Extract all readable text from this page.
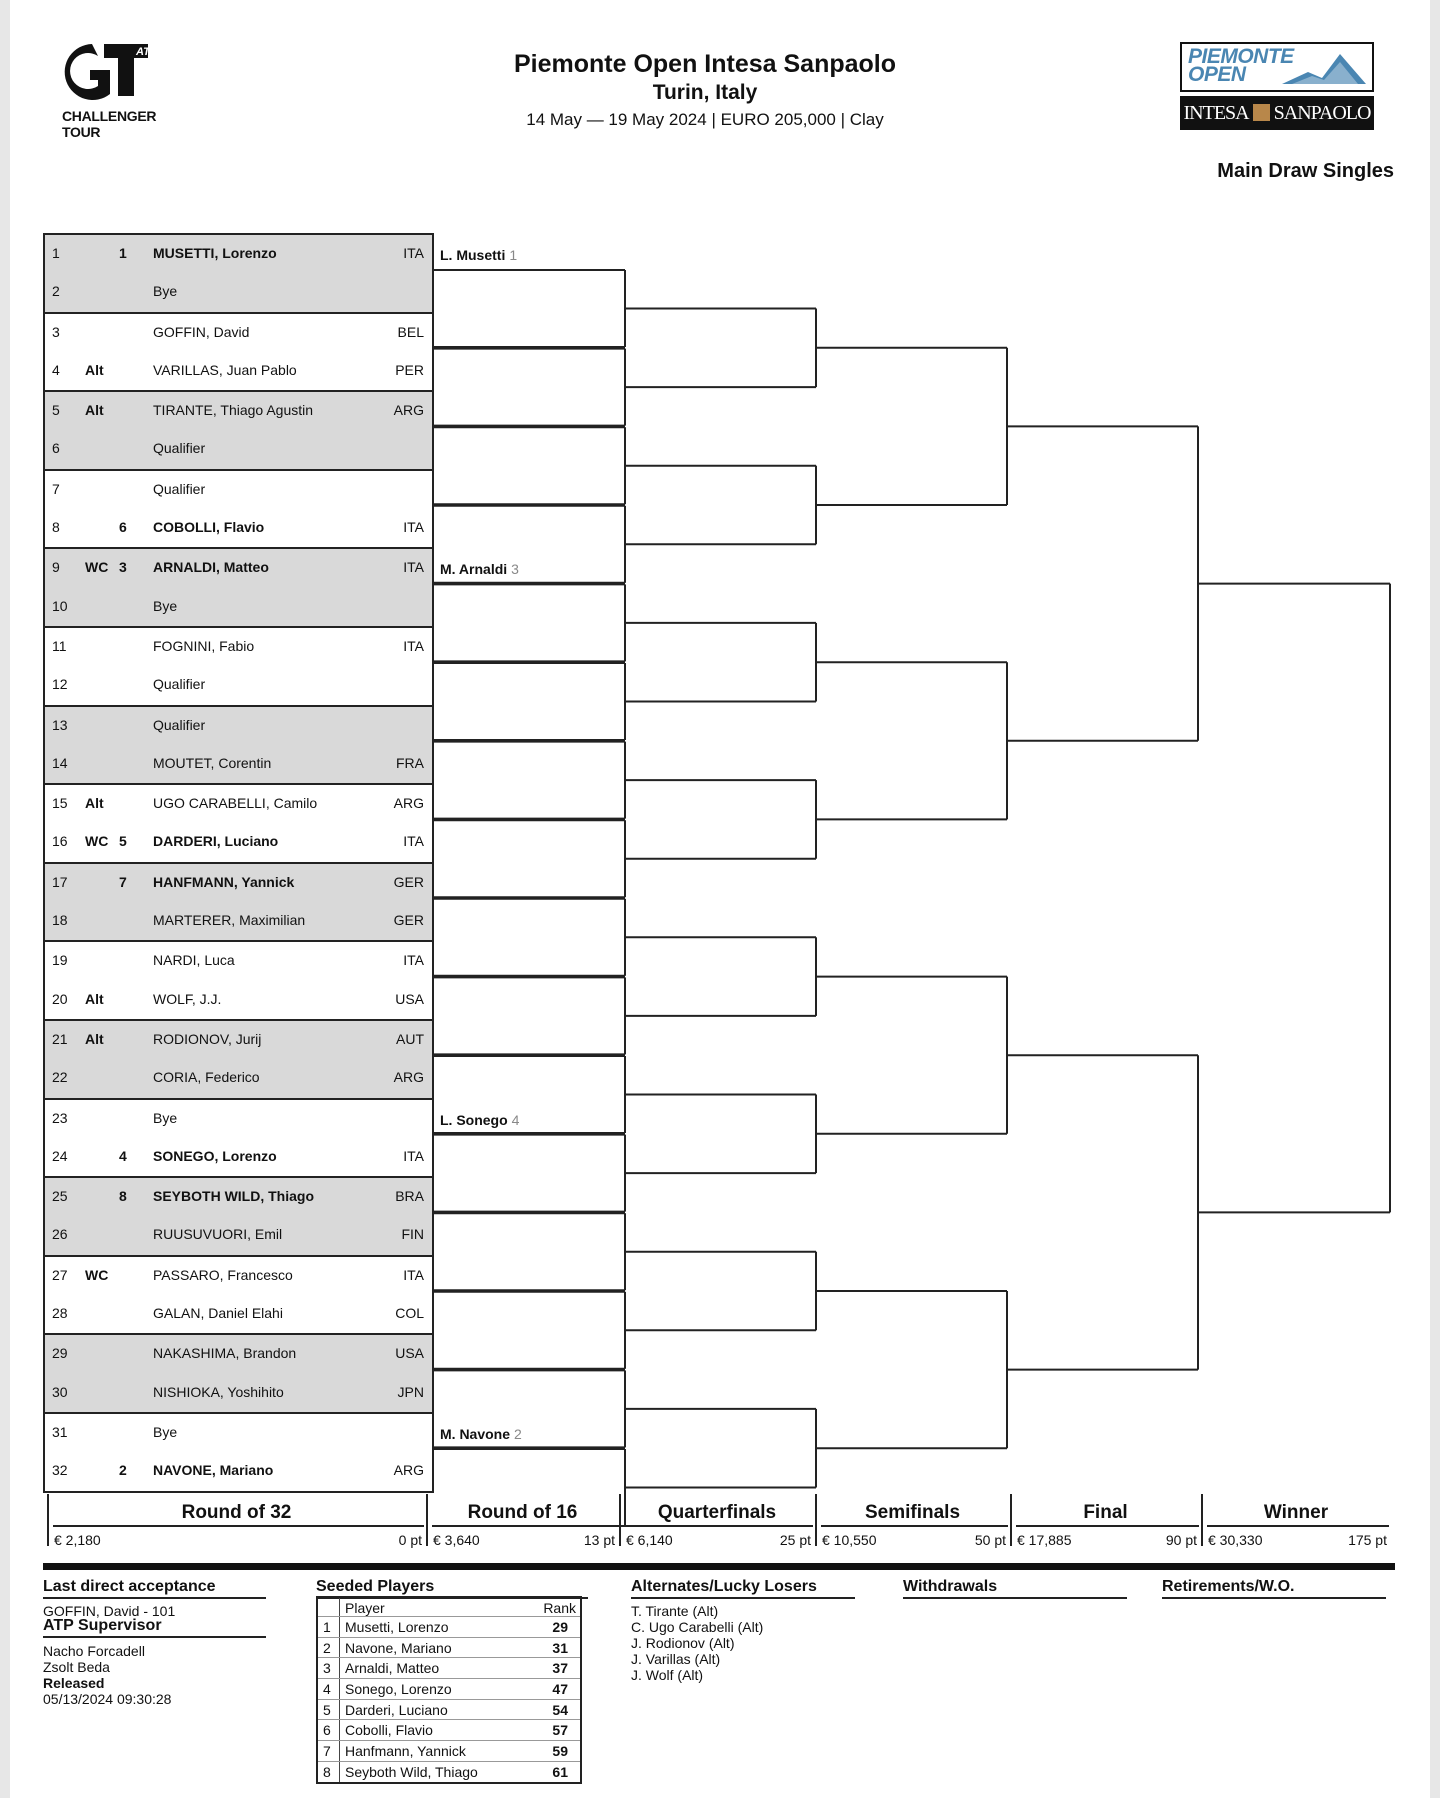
ATP
CHALLENGER
TOUR
Piemonte Open Intesa Sanpaolo
Turin, Italy
14 May — 19 May 2024 | EURO 205,000 | Clay
PIEMONTE
OPEN
INTESA SANPAOLO
Main Draw Singles
1	1 MUSETTI, Lorenzo	ITA
2	Bye
3	GOFFIN, David	BEL
4 Alt	VARILLAS, Juan Pablo	PER
5 Alt	TIRANTE, Thiago Agustin	ARG
6	Qualifier
7	Qualifier
8	6 COBOLLI, Flavio	ITA
9 WC 3 ARNALDI, Matteo	ITA
10	Bye
11	FOGNINI, Fabio	ITA
12	Qualifier
13	Qualifier
14	MOUTET, Corentin	FRA
15 Alt	UGO CARABELLI, Camilo	ARG
16 WC 5 DARDERI, Luciano	ITA
17	7 HANFMANN, Yannick	GER
18	MARTERER, Maximilian	GER
19	NARDI, Luca	ITA
20 Alt	WOLF, J.J.	USA
21 Alt	RODIONOV, Jurij	AUT
22	CORIA, Federico	ARG
23	Bye
24	4 SONEGO, Lorenzo	ITA
25	8 SEYBOTH WILD, Thiago	BRA
26	RUUSUVUORI, Emil	FIN
27 WC	PASSARO, Francesco	ITA
28	GALAN, Daniel Elahi	COL
29	NAKASHIMA, Brandon	USA
30	NISHIOKA, Yoshihito	JPN
31	Bye
32	2 NAVONE, Mariano	ARG
L. Musetti 1
M. Arnaldi 3
L. Sonego 4
M. Navone 2
Round of 32
€ 2,180	0 pt
Round of 16
€ 3,640	13 pt
Quarterfinals
€ 6,140	25 pt
Semifinals
€ 10,550	50 pt
Final
€ 17,885	90 pt
Winner
€ 30,330	175 pt
Last direct acceptance
GOFFIN, David - 101
ATP Supervisor
Nacho Forcadell
Zsolt Beda
Released
05/13/2024 09:30:28
Seeded Players
Player	Rank
1 Musetti, Lorenzo	29
2 Navone, Mariano	31
3 Arnaldi, Matteo	37
4 Sonego, Lorenzo	47
5 Darderi, Luciano	54
6 Cobolli, Flavio	57
7 Hanfmann, Yannick	59
8 Seyboth Wild, Thiago	61
Alternates/Lucky Losers
T. Tirante (Alt)
C. Ugo Carabelli (Alt)
J. Rodionov (Alt)
J. Varillas (Alt)
J. Wolf (Alt)
Withdrawals	Retirements/W.O.
